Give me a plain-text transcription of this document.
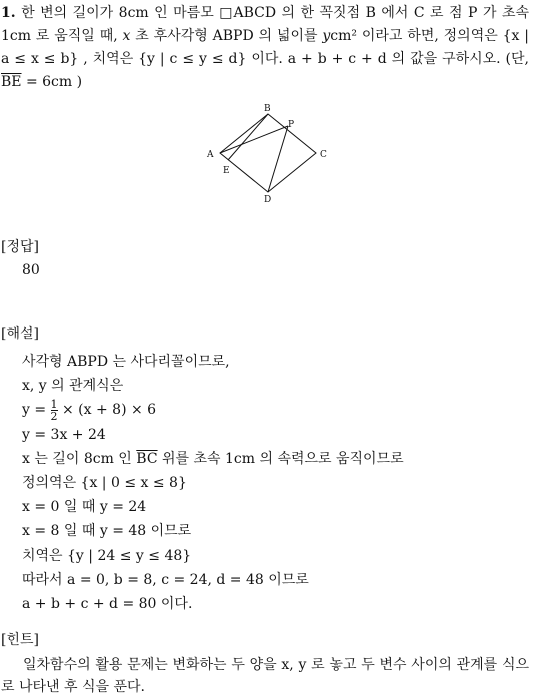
1. 한 변의 길이가 8cm 인 마름모 □ABCD 의 한 꼭짓점 B 에서 C 로 점 P 가 초속 1cm 로 움직일 때, x 초 후사각형 ABPD 의 넓이를 ycm² 이라고 하면, 정의역은 {x | a ≤ x ≤ b} , 치역은 {y | c ≤ y ≤ d} 이다. a + b + c + d 의 값을 구하시오. (단, $\overline{BE} = 6cm$ )
B
P
A	C
E
D
[정답]
80
[해설]
사각형 ABPD 는 사다리꼴이므로,
x, y 의 관계식은
$y = \frac{1}{2} \times (x + 8) \times 6$
y = 3x + 24
x 는 길이 8cm 인 $\overline{BC}$ 위를 초속 1cm 의 속력으로 움직이므로
정의역은 {x | 0 ≤ x ≤ 8}
x = 0 일 때 y = 24
x = 8 일 때 y = 48 이므로
치역은 {y | 24 ≤ y ≤ 48}
따라서 a = 0, b = 8, c = 24, d = 48 이므로
a + b + c + d = 80 이다.
[힌트]
일차함수의 활용 문제는 변화하는 두 양을 x, y 로 놓고 두 변수 사이의 관계를 식으로 나타낸 후 식을 푼다.
